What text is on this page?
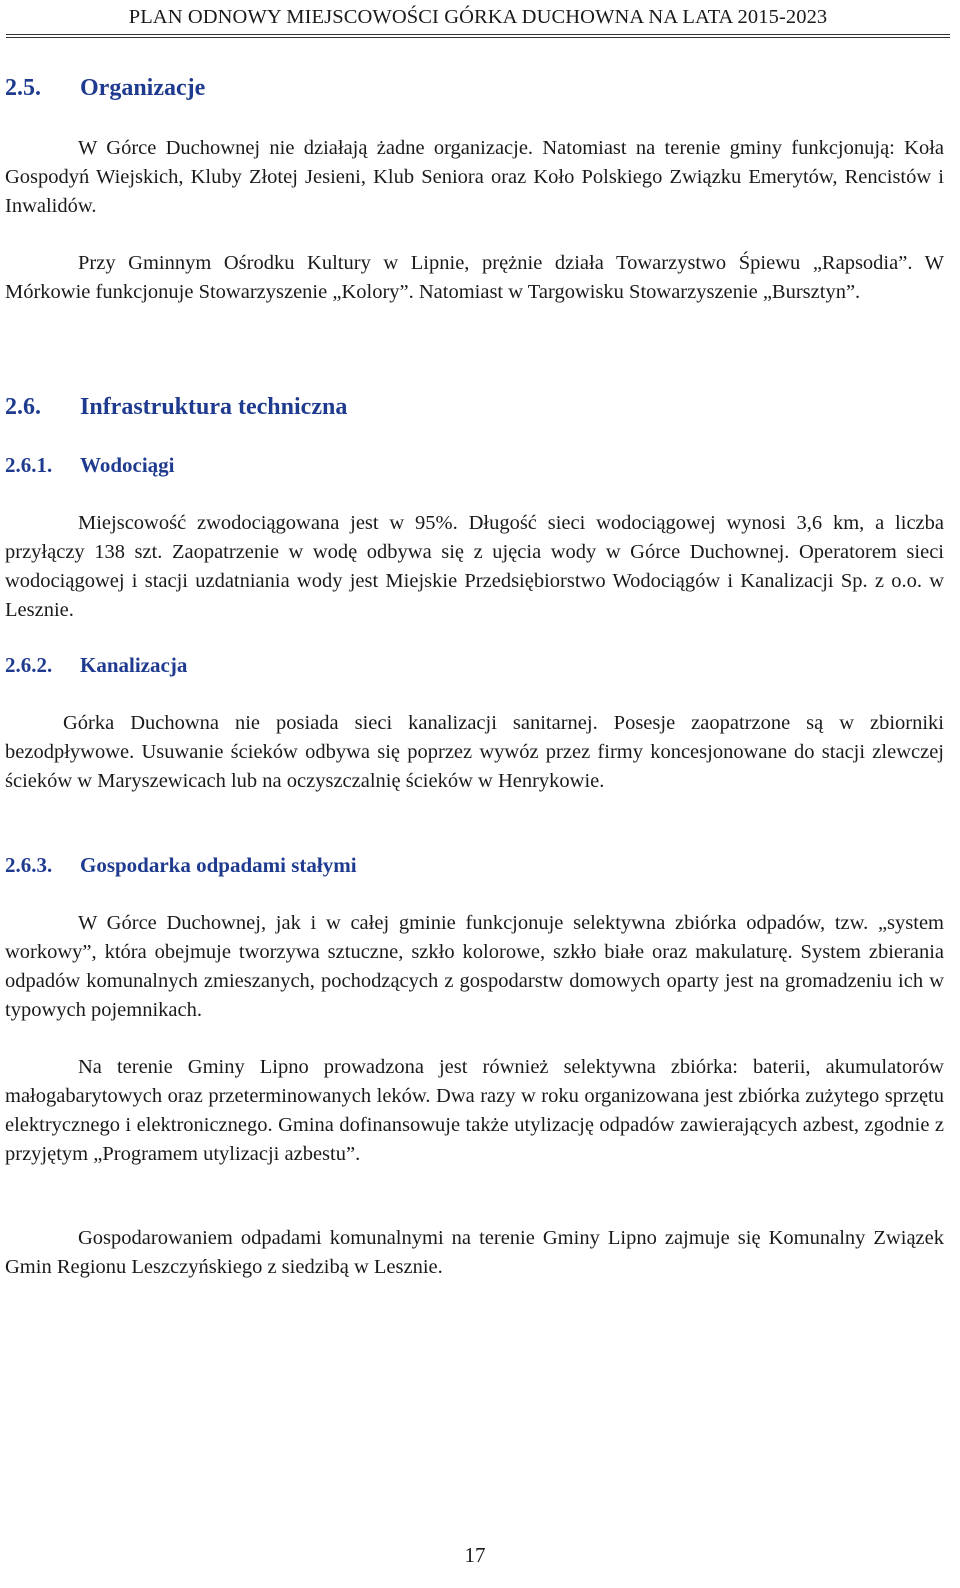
PLAN ODNOWY MIEJSCOWOŚCI GÓRKA DUCHOWNA NA LATA 2015-2023
2.5. Organizacje

W Górce Duchownej nie działają żadne organizacje. Natomiast na terenie gminy funkcjonują: Koła Gospodyń Wiejskich, Kluby Złotej Jesieni, Klub Seniora oraz Koło Polskiego Związku Emerytów, Rencistów i Inwalidów.

Przy Gminnym Ośrodku Kultury w Lipnie, prężnie działa Towarzystwo Śpiewu „Rapsodia”. W Mórkowie funkcjonuje Stowarzyszenie „Kolory”. Natomiast w Targowisku Stowarzyszenie „Bursztyn”.

2.6. Infrastruktura techniczna
2.6.1. Wodociągi

Miejscowość zwodociągowana jest w 95%. Długość sieci wodociągowej wynosi 3,6 km, a liczba przyłączy 138 szt. Zaopatrzenie w wodę odbywa się z ujęcia wody w Górce Duchownej. Operatorem sieci wodociągowej i stacji uzdatniania wody jest Miejskie Przedsiębiorstwo Wodociągów i Kanalizacji Sp. z o.o. w Lesznie.

2.6.2. Kanalizacja

Górka Duchowna nie posiada sieci kanalizacji sanitarnej. Posesje zaopatrzone są w zbiorniki bezodpływowe. Usuwanie ścieków odbywa się poprzez wywóz przez firmy koncesjonowane do stacji zlewczej ścieków w Maryszewicach lub na oczyszczalnię ścieków w Henrykowie.

2.6.3. Gospodarka odpadami stałymi

W Górce Duchownej, jak i w całej gminie funkcjonuje selektywna zbiórka odpadów, tzw. „system workowy”, która obejmuje tworzywa sztuczne, szkło kolorowe, szkło białe oraz makulaturę. System zbierania odpadów komunalnych zmieszanych, pochodzących z gospodarstw domowych oparty jest na gromadzeniu ich w typowych pojemnikach.

Na terenie Gminy Lipno prowadzona jest również selektywna zbiórka: baterii, akumulatorów małogabarytowych oraz przeterminowanych leków. Dwa razy w roku organizowana jest zbiórka zużytego sprzętu elektrycznego i elektronicznego. Gmina dofinansowuje także utylizację odpadów zawierających azbest, zgodnie z przyjętym „Programem utylizacji azbestu”.

Gospodarowaniem odpadami komunalnymi na terenie Gminy Lipno zajmuje się Komunalny Związek Gmin Regionu Leszczyńskiego z siedzibą w Lesznie.

17
